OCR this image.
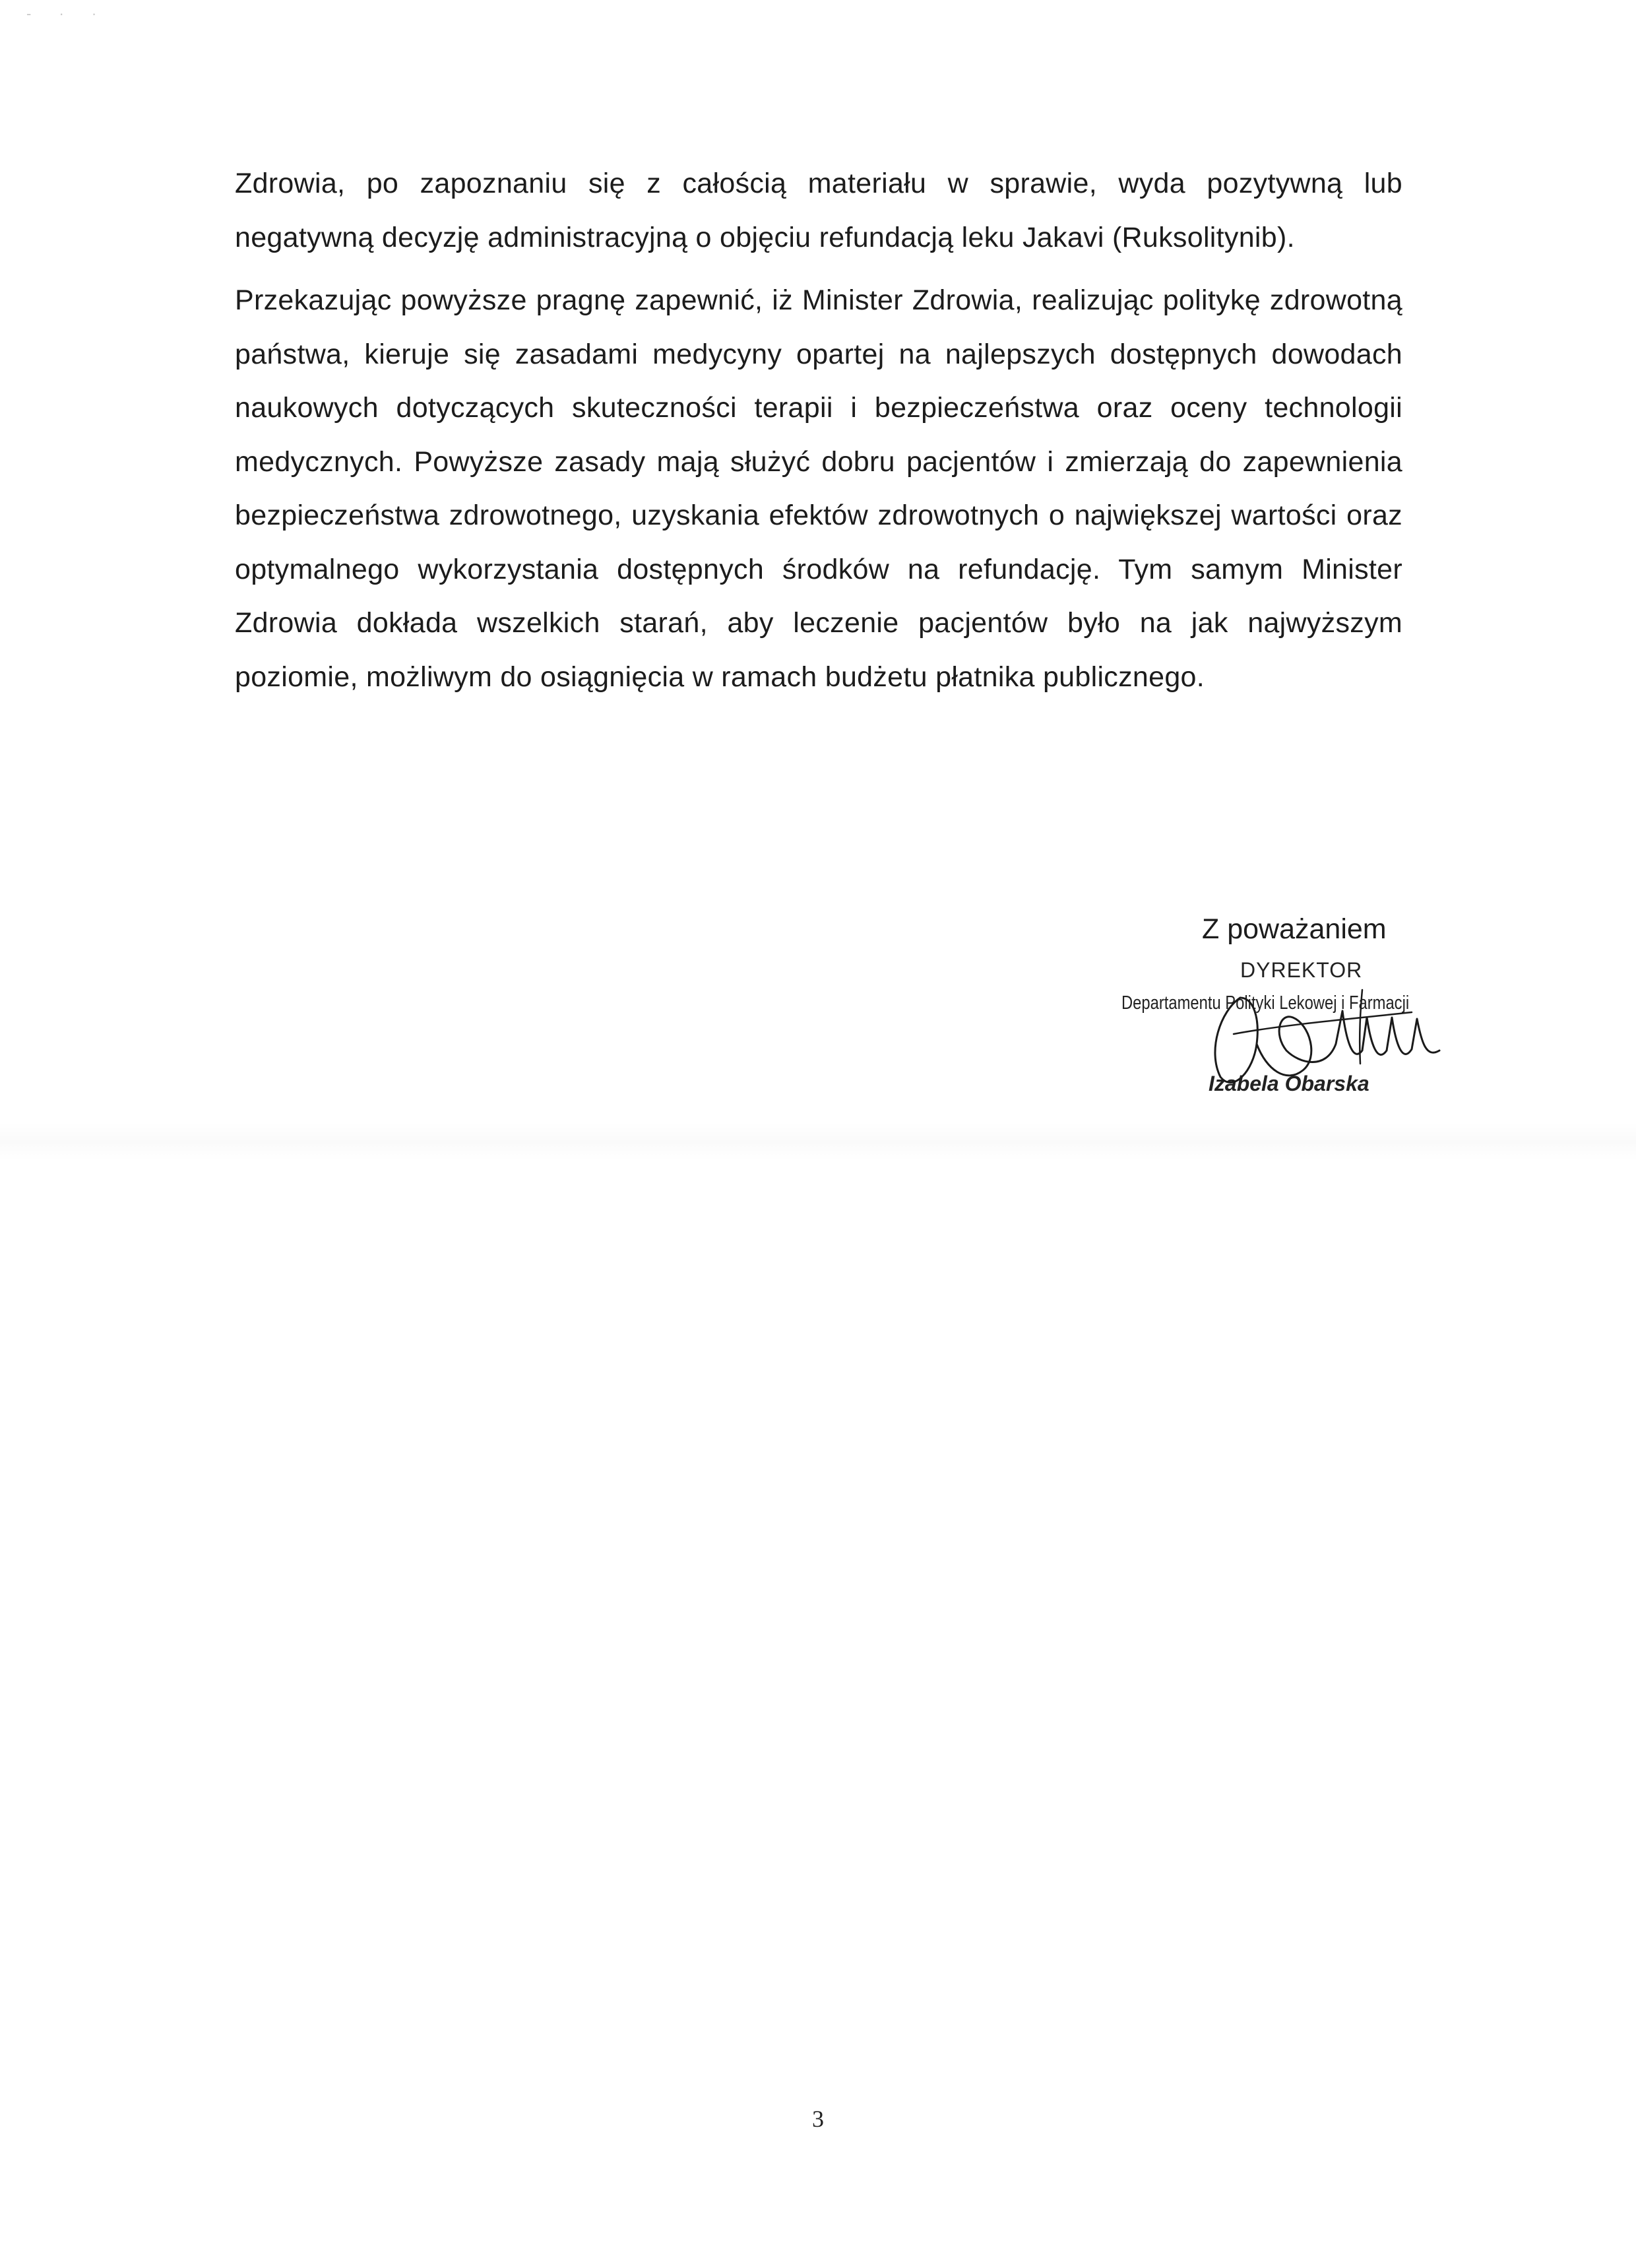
- · ·

Zdrowia, po zapoznaniu się z całością materiału w sprawie, wyda pozytywną lub negatywną decyzję administracyjną o objęciu refundacją leku Jakavi (Ruksolitynib).

Przekazując powyższe pragnę zapewnić, iż Minister Zdrowia, realizując politykę zdrowotną państwa, kieruje się zasadami medycyny opartej na najlepszych dostępnych dowodach naukowych dotyczących skuteczności terapii i bezpieczeństwa oraz oceny technologii medycznych. Powyższe zasady mają służyć dobru pacjentów i zmierzają do zapewnienia bezpieczeństwa zdrowotnego, uzyskania efektów zdrowotnych o największej wartości oraz optymalnego wykorzystania dostępnych środków na refundację. Tym samym Minister Zdrowia dokłada wszelkich starań, aby leczenie pacjentów było na jak najwyższym poziomie, możliwym do osiągnięcia w ramach budżetu płatnika publicznego.

Z poważaniem
DYREKTOR
Departamentu Polityki Lekowej i Farmacji
Izabela Obarska
3
